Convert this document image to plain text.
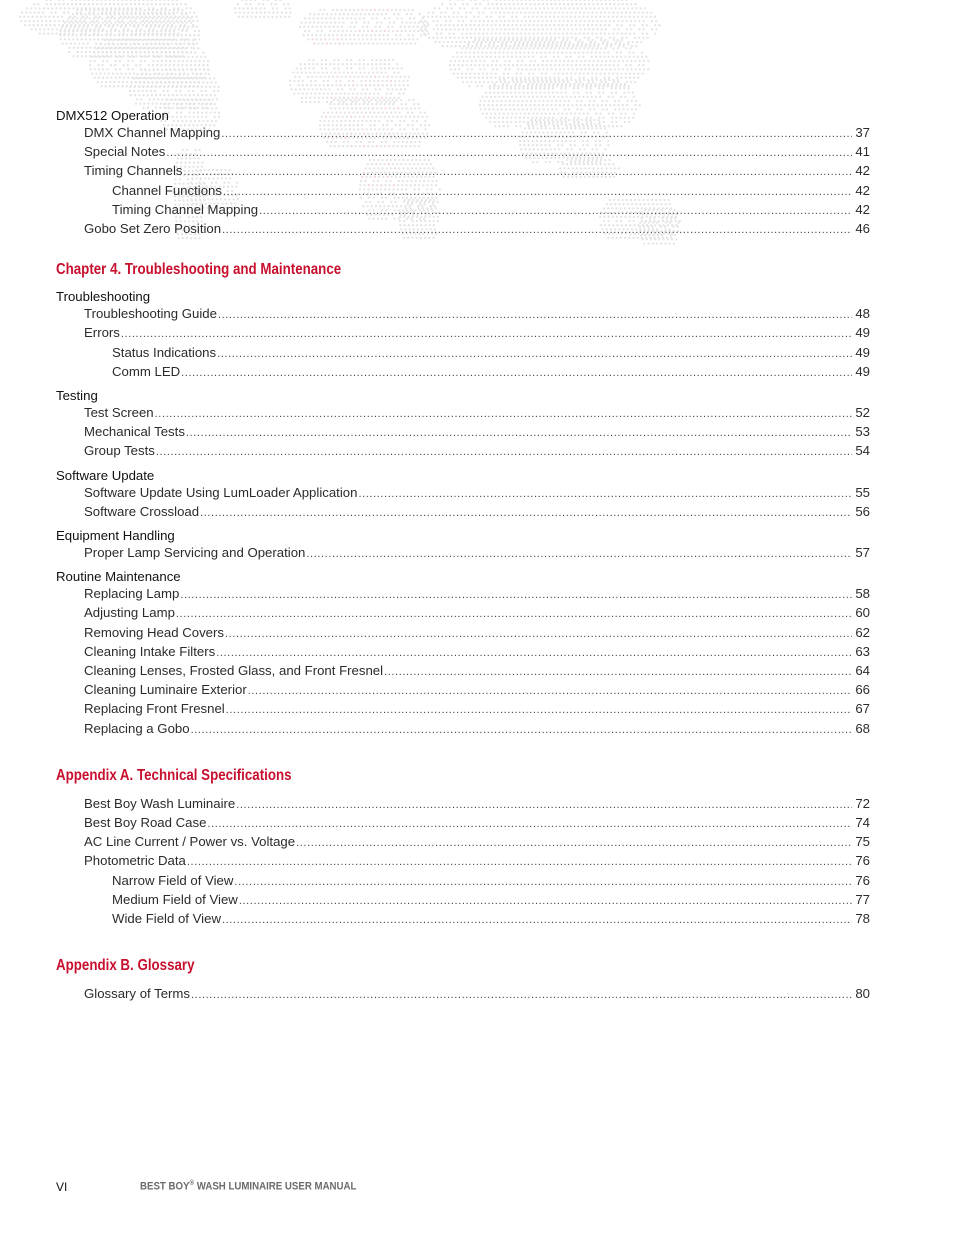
DMX512 Operation
DMX Channel Mapping .....	37
Special Notes .....	41
Timing Channels .....	42
Channel Functions .....	42
Timing Channel Mapping .....	42
Gobo Set Zero Position .....	46
Chapter 4. Troubleshooting and Maintenance
Troubleshooting
Troubleshooting Guide .....	48
Errors .....	49
Status Indications .....	49
Comm LED .....	49
Testing
Test Screen .....	52
Mechanical Tests .....	53
Group Tests .....	54
Software Update
Software Update Using LumLoader Application .....	55
Software Crossload .....	56
Equipment Handling
Proper Lamp Servicing and Operation .....	57
Routine Maintenance
Replacing Lamp .....	58
Adjusting Lamp .....	60
Removing Head Covers .....	62
Cleaning Intake Filters .....	63
Cleaning Lenses, Frosted Glass, and Front Fresnel .....	64
Cleaning Luminaire Exterior .....	66
Replacing Front Fresnel .....	67
Replacing a Gobo .....	68
Appendix A. Technical Specifications
Best Boy Wash Luminaire .....	72
Best Boy Road Case .....	74
AC Line Current / Power vs. Voltage .....	75
Photometric Data .....	76
Narrow Field of View .....	76
Medium Field of View .....	77
Wide Field of View .....	78
Appendix B. Glossary
Glossary of Terms .....	80
VI	BEST BOY® WASH LUMINAIRE USER MANUAL
